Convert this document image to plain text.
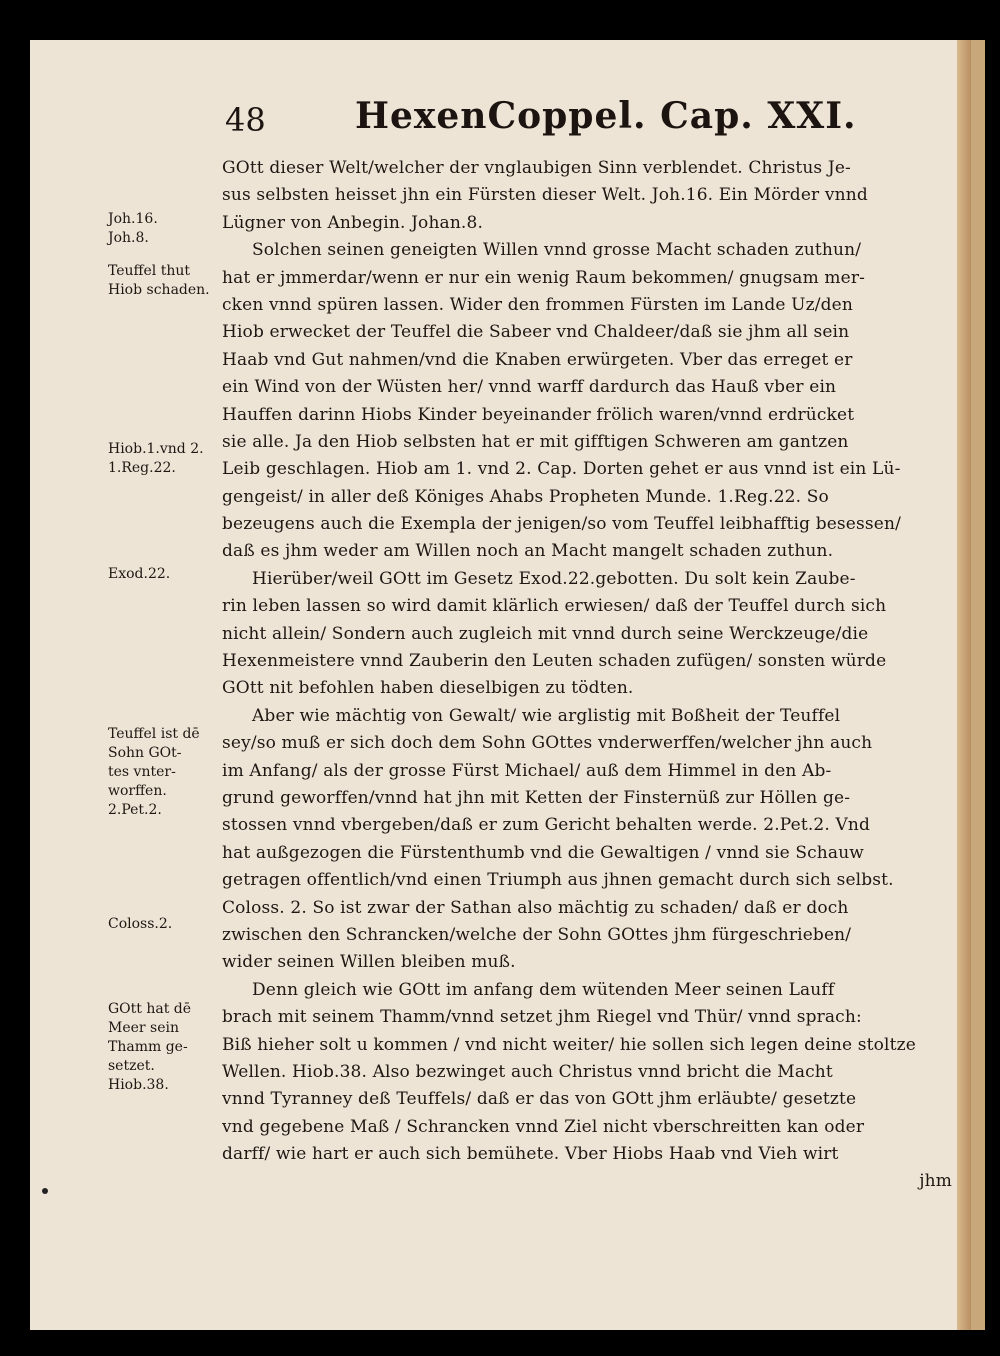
48 HexenCoppel. Cap. XXI.
GOtt dieser Welt/welcher der vnglaubigen Sinn verblendet. Christus Je-
sus selbsten heisset jhn ein Fürsten dieser Welt. Joh.16. Ein Mörder vnnd
Lügner von Anbegin. Johan.8.
Solchen seinen geneigten Willen vnnd grosse Macht schaden zuthun/
hat er jmmerdar/wenn er nur ein wenig Raum bekommen/ gnugsam mer-
cken vnnd spüren lassen. Wider den frommen Fürsten im Lande Uz/den
Hiob erwecket der Teuffel die Sabeer vnd Chaldeer/daß sie jhm all sein
Haab vnd Gut nahmen/vnd die Knaben erwürgeten. Vber das erreget er
ein Wind von der Wüsten her/ vnnd warff dardurch das Hauß vber ein
Hauffen darinn Hiobs Kinder beyeinander frölich waren/vnnd erdrücket
sie alle. Ja den Hiob selbsten hat er mit gifftigen Schweren am gantzen
Leib geschlagen. Hiob am 1. vnd 2. Cap. Dorten gehet er aus vnnd ist ein Lü-
gengeist/ in aller deß Königes Ahabs Propheten Munde. 1.Reg.22. So
bezeugens auch die Exempla der jenigen/so vom Teuffel leibhafftig besessen/
daß es jhm weder am Willen noch an Macht mangelt schaden zuthun.
Hierüber/weil GOtt im Gesetz Exod.22.gebotten. Du solt kein Zaube-
rin leben lassen so wird damit klärlich erwiesen/ daß der Teuffel durch sich
nicht allein/ Sondern auch zugleich mit vnnd durch seine Werckzeuge/die
Hexenmeistere vnnd Zauberin den Leuten schaden zufügen/ sonsten würde
GOtt nit befohlen haben dieselbigen zu tödten.
Aber wie mächtig von Gewalt/ wie arglistig mit Boßheit der Teuffel
sey/so muß er sich doch dem Sohn GOttes vnderwerffen/welcher jhn auch
im Anfang/ als der grosse Fürst Michael/ auß dem Himmel in den Ab-
grund geworffen/vnnd hat jhn mit Ketten der Finsternüß zur Höllen ge-
stossen vnnd vbergeben/daß er zum Gericht behalten werde. 2.Pet.2. Vnd
hat außgezogen die Fürstenthumb vnd die Gewaltigen / vnnd sie Schauw
getragen offentlich/vnd einen Triumph aus jhnen gemacht durch sich selbst.
Coloss. 2. So ist zwar der Sathan also mächtig zu schaden/ daß er doch
zwischen den Schrancken/welche der Sohn GOttes jhm fürgeschrieben/
wider seinen Willen bleiben muß.
Denn gleich wie GOtt im anfang dem wütenden Meer seinen Lauff
brach mit seinem Thamm/vnnd setzet jhm Riegel vnd Thür/ vnnd sprach:
Biß hieher solt u kommen / vnd nicht weiter/ hie sollen sich legen deine stoltze
Wellen. Hiob.38. Also bezwinget auch Christus vnnd bricht die Macht
vnnd Tyranney deß Teuffels/ daß er das von GOtt jhm erläubte/ gesetzte
vnd gegebene Maß / Schrancken vnnd Ziel nicht vberschreitten kan oder
darff/ wie hart er auch sich bemühete. Vber Hiobs Haab vnd Vieh wirt
jhm
Joh.16.
Joh.8.
Teuffel thut
Hiob schaden.
Hiob.1.vnd 2.
1.Reg.22.
Exod.22.
Teuffel ist dē
Sohn GOt-
tes vnter-
worffen.
2.Pet.2.
Coloss.2.
GOtt hat dē
Meer sein
Thamm ge-
setzet.
Hiob.38.
